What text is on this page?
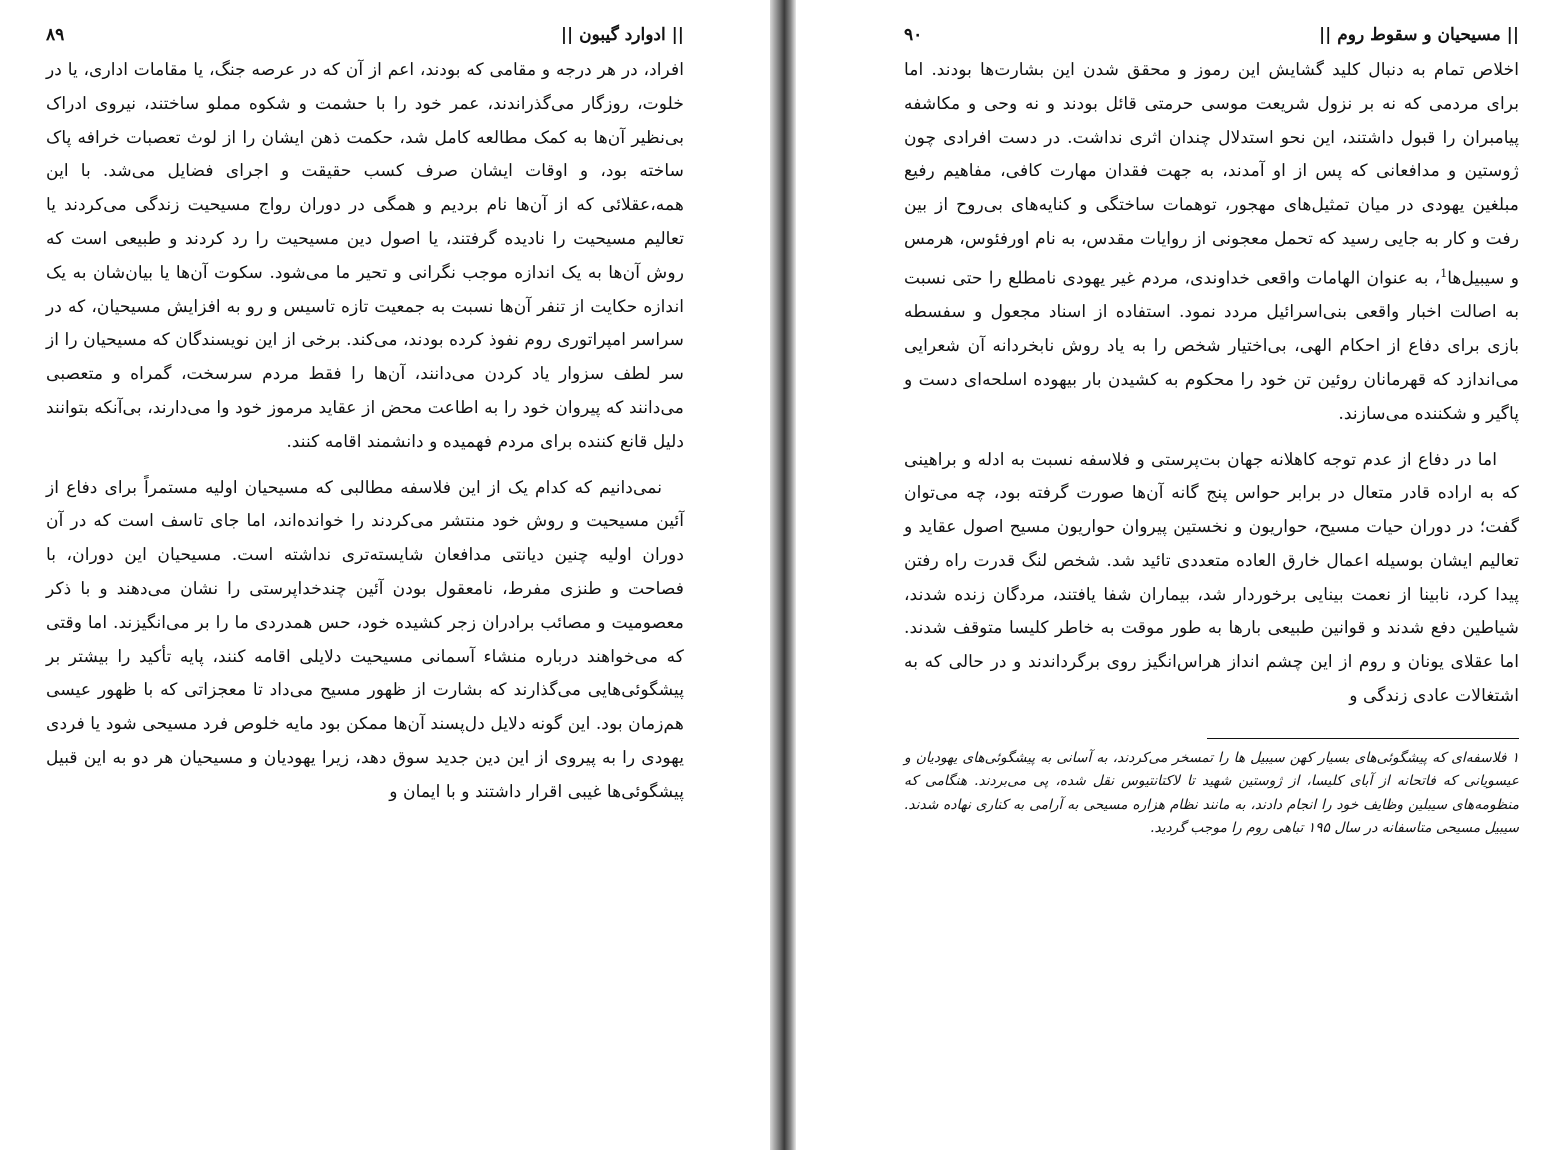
|| ادوارد گیبون ||
۸۹

افراد، در هر درجه و مقامی که بودند، اعم از آن که در عرصه جنگ، یا مقامات اداری، یا در خلوت، روزگار می‌گذراندند، عمر خود را با حشمت و شکوه مملو ساختند، نیروی ادراک بی‌نظیر آن‌ها به کمک مطالعه کامل شد، حکمت ذهن ایشان را از لوث تعصبات خرافه پاک ساخته بود، و اوقات ایشان صرف کسب حقیقت و اجرای فضایل می‌شد. با این همه،عقلائی که از آن‌ها نام بردیم و همگی در دوران رواج مسیحیت زندگی می‌کردند یا تعالیم مسیحیت را نادیده گرفتند، یا اصول دین مسیحیت را رد کردند و طبیعی است که روش آن‌ها به یک اندازه موجب نگرانی و تحیر ما می‌شود. سکوت آن‌ها یا بیان‌شان به یک اندازه حکایت از تنفر آن‌ها نسبت به جمعیت تازه تاسیس و رو به افزایش مسیحیان، که در سراسر امپراتوری روم نفوذ کرده بودند، می‌کند. برخی از این نویسندگان که مسیحیان را از سر لطف سزوار یاد کردن می‌دانند، آن‌ها را فقط مردم سرسخت، گمراه و متعصبی می‌دانند که پیروان خود را به اطاعت محض از عقاید مرموز خود وا می‌دارند، بی‌آنکه بتوانند دلیل قانع کننده برای مردم فهمیده و دانشمند اقامه کنند.

نمی‌دانیم که کدام یک از این فلاسفه مطالبی که مسیحیان اولیه مستمراً برای دفاع از آئین مسیحیت و روش خود منتشر می‌کردند را خوانده‌اند، اما جای تاسف است که در آن دوران اولیه چنین دیانتی مدافعان شایسته‌تری نداشته است. مسیحیان این دوران، با فصاحت و طنزی مفرط، نامعقول بودن آئین چندخداپرستی را نشان می‌دهند و با ذکر معصومیت و مصائب برادران زجر کشیده خود، حس همدردی ما را بر می‌انگیزند. اما وقتی که می‌خواهند درباره منشاء آسمانی مسیحیت دلایلی اقامه کنند، پایه تأکید را بیشتر بر پیشگوئی‌هایی می‌گذارند که بشارت از ظهور مسیح می‌داد تا معجزاتی که با ظهور عیسی هم‌زمان بود. این گونه دلایل دل‌پسند آن‌ها ممکن بود مایه خلوص فرد مسیحی شود یا فردی یهودی را به پیروی از این دین جدید سوق دهد، زیرا یهودیان و مسیحیان هر دو به این قبیل پیشگوئی‌ها غیبی اقرار داشتند و با ایمان و

|| مسیحیان و سقوط روم ||
۹۰

اخلاص تمام به دنبال کلید گشایش این رموز و محقق شدن این بشارت‌ها بودند. اما برای مردمی که نه بر نزول شریعت موسی حرمتی قائل بودند و نه وحی و مکاشفه پیامبران را قبول داشتند، این نحو استدلال چندان اثری نداشت. در دست افرادی چون ژوستین و مدافعانی که پس از او آمدند، به جهت فقدان مهارت کافی، مفاهیم رفیع مبلغین یهودی در میان تمثیل‌های مهجور، توهمات ساختگی و کنایه‌های بی‌روح از بین رفت و کار به جایی رسید که تحمل معجونی از روایات مقدس، به نام اورفئوس، هرمس و سیبیل‌ها$^1$، به عنوان الهامات واقعی خداوندی، مردم غیر یهودی نامطلع را حتی نسبت به اصالت اخبار واقعی بنی‌اسرائیل مردد نمود. استفاده از اسناد مجعول و سفسطه بازی برای دفاع از احکام الهی، بی‌اختیار شخص را به یاد روش نابخردانه آن شعرایی می‌اندازد که قهرمانان روئین تن خود را محکوم به کشیدن بار بیهوده اسلحه‌ای دست و پاگیر و شکننده می‌سازند.

اما در دفاع از عدم توجه کاهلانه جهان بت‌پرستی و فلاسفه نسبت به ادله و براهینی که به اراده قادر متعال در برابر حواس پنج گانه آن‌ها صورت گرفته بود، چه می‌توان گفت؛ در دوران حیات مسیح، حواریون و نخستین پیروان حواریون مسیح اصول عقاید و تعالیم ایشان بوسیله اعمال خارق العاده متعددی تائید شد. شخص لنگ قدرت راه رفتن پیدا کرد، نابینا از نعمت بینایی برخوردار شد، بیماران شفا یافتند، مردگان زنده شدند، شیاطین دفع شدند و قوانین طبیعی بارها به طور موقت به خاطر کلیسا متوقف شدند. اما عقلای یونان و روم از این چشم انداز هراس‌انگیز روی برگرداندند و در حالی که به اشتغالات عادی زندگی و

۱ فلاسفه‌ای که پیشگوئی‌های بسیار کهن سیبیل ها را تمسخر می‌کردند، به آسانی به پیشگوئی‌های یهودیان و عیسویانی که فاتحانه از آبای کلیسا، از ژوستین شهید تا لاکتانتیوس نقل شده، پی می‌بردند. هنگامی که منظومه‌های سیبلین وظایف خود را انجام دادند، به مانند نظام هزاره مسیحی به آرامی به کناری نهاده شدند. سیبیل مسیحی متاسفانه در سال ۱۹۵ تباهی روم را موجب گردید.
